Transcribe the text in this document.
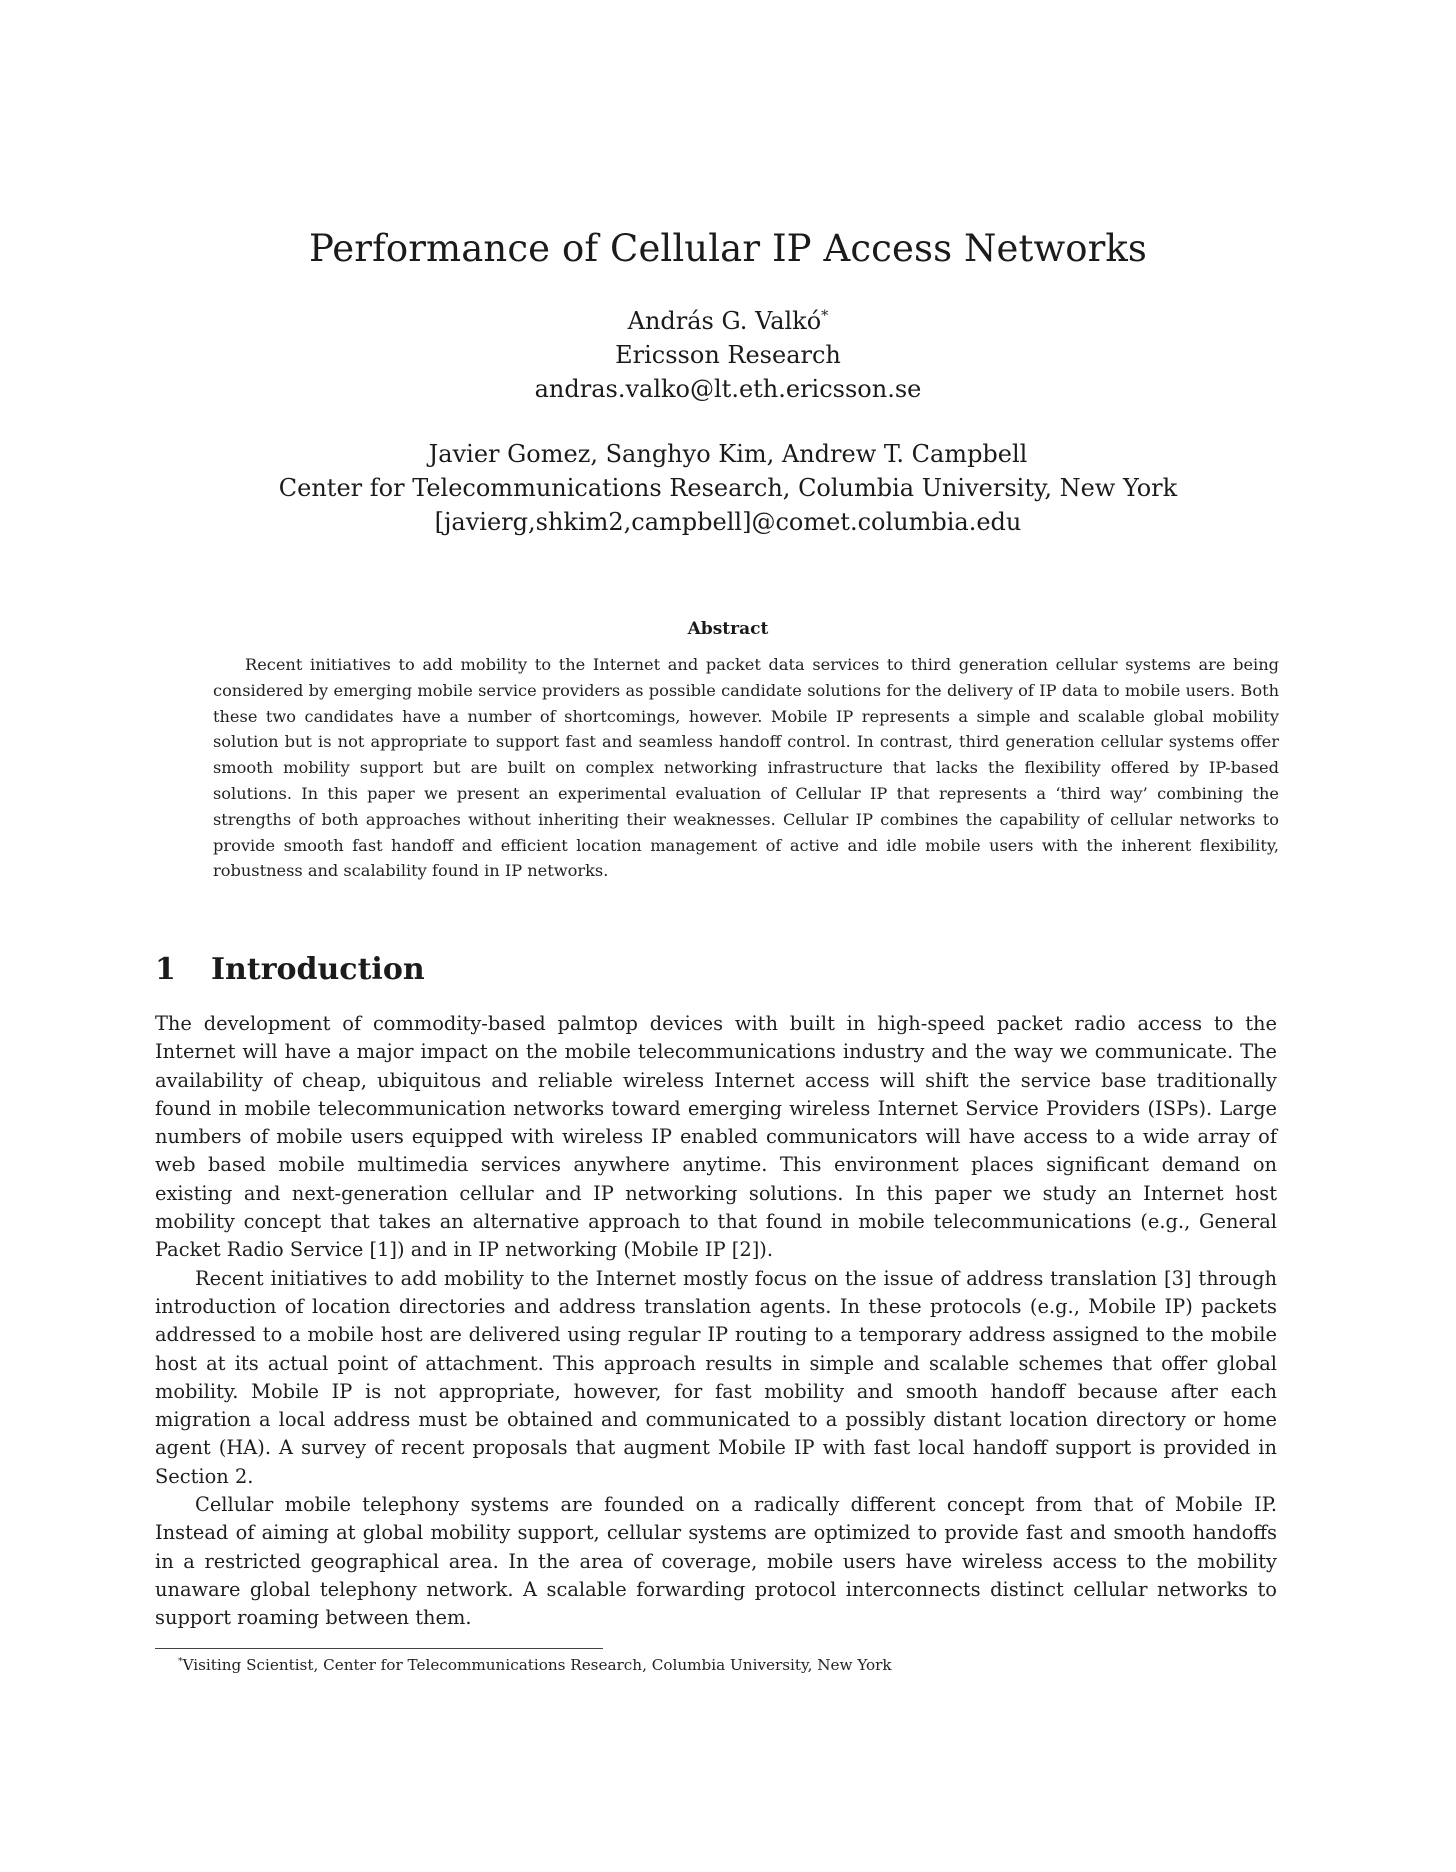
Performance of Cellular IP Access Networks
András G. Valkó*
Ericsson Research
andras.valko@lt.eth.ericsson.se
Javier Gomez, Sanghyo Kim, Andrew T. Campbell
Center for Telecommunications Research, Columbia University, New York
[javierg,shkim2,campbell]@comet.columbia.edu
Abstract

Recent initiatives to add mobility to the Internet and packet data services to third generation cellular systems are being considered by emerging mobile service providers as possible candidate solutions for the delivery of IP data to mobile users. Both these two candidates have a number of shortcomings, however. Mobile IP represents a simple and scalable global mobility solution but is not appropriate to support fast and seamless handoff control. In contrast, third generation cellular systems offer smooth mobility support but are built on complex networking infrastructure that lacks the flexibility offered by IP-based solutions. In this paper we present an experimental evaluation of Cellular IP that represents a ‘third way’ combining the strengths of both approaches without inheriting their weaknesses. Cellular IP combines the capability of cellular networks to provide smooth fast handoff and efficient location management of active and idle mobile users with the inherent flexibility, robustness and scalability found in IP networks.

1 Introduction

The development of commodity-based palmtop devices with built in high-speed packet radio access to the Internet will have a major impact on the mobile telecommunications industry and the way we communicate. The availability of cheap, ubiquitous and reliable wireless Internet access will shift the service base traditionally found in mobile telecommunication networks toward emerging wireless Internet Service Providers (ISPs). Large numbers of mobile users equipped with wireless IP enabled communicators will have access to a wide array of web based mobile multimedia services anywhere anytime. This environment places significant demand on existing and next-generation cellular and IP networking solutions. In this paper we study an Internet host mobility concept that takes an alternative approach to that found in mobile telecommunications (e.g., General Packet Radio Service [1]) and in IP networking (Mobile IP [2]).

Recent initiatives to add mobility to the Internet mostly focus on the issue of address translation [3] through introduction of location directories and address translation agents. In these protocols (e.g., Mobile IP) packets addressed to a mobile host are delivered using regular IP routing to a temporary address assigned to the mobile host at its actual point of attachment. This approach results in simple and scalable schemes that offer global mobility. Mobile IP is not appropriate, however, for fast mobility and smooth handoff because after each migration a local address must be obtained and communicated to a possibly distant location directory or home agent (HA). A survey of recent proposals that augment Mobile IP with fast local handoff support is provided in Section 2.

Cellular mobile telephony systems are founded on a radically different concept from that of Mobile IP. Instead of aiming at global mobility support, cellular systems are optimized to provide fast and smooth handoffs in a restricted geographical area. In the area of coverage, mobile users have wireless access to the mobility unaware global telephony network. A scalable forwarding protocol interconnects distinct cellular networks to support roaming between them.

*Visiting Scientist, Center for Telecommunications Research, Columbia University, New York
